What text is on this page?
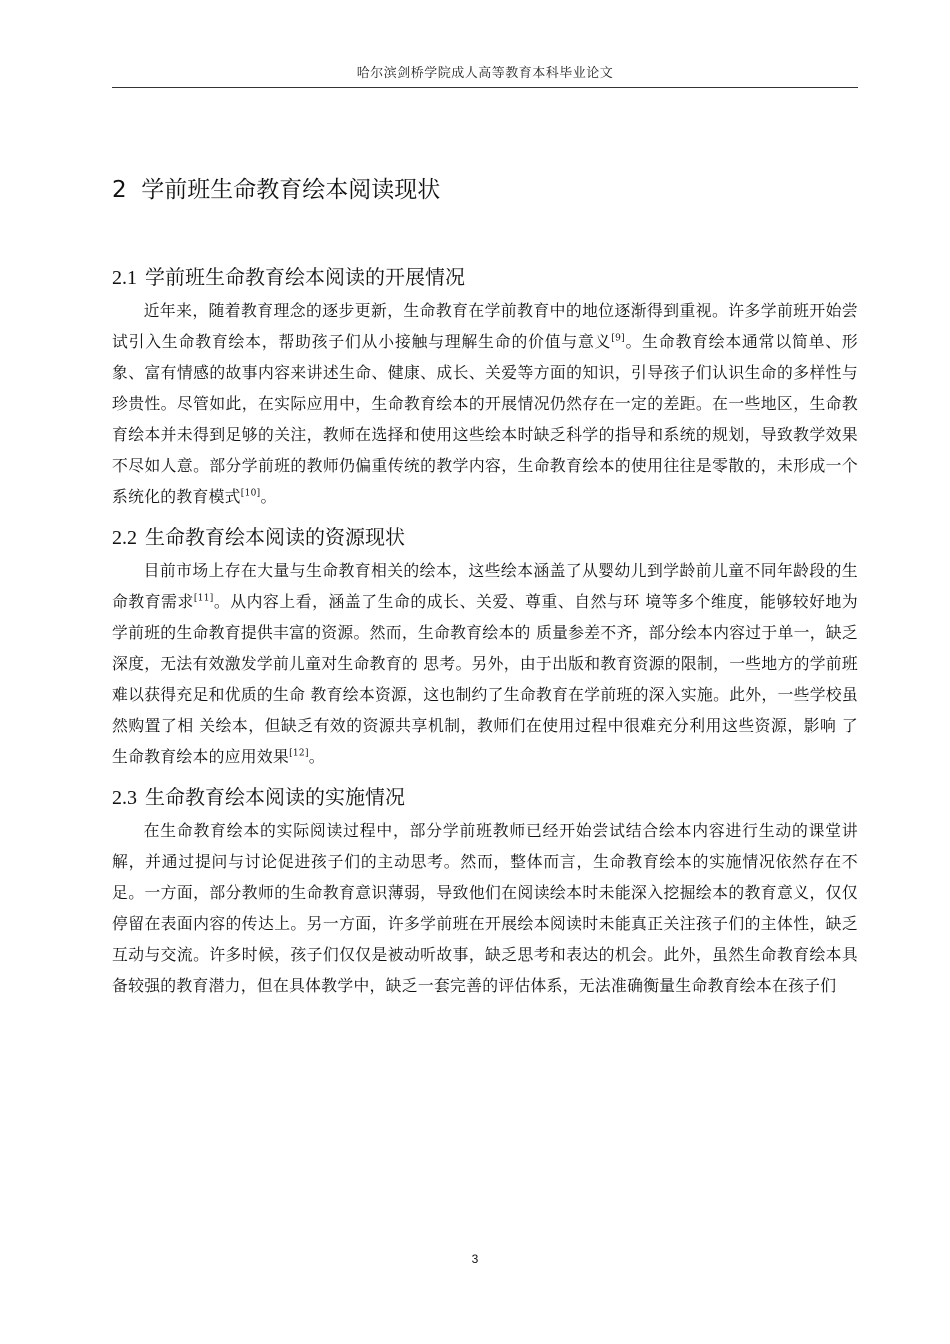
哈尔滨剑桥学院成人高等教育本科毕业论文
2 学前班生命教育绘本阅读现状
2.1 学前班生命教育绘本阅读的开展情况

近年来，随着教育理念的逐步更新，生命教育在学前教育中的地位逐渐得到重视。许多学前班开始尝试引入生命教育绘本，帮助孩子们从小接触与理解生命的价值与意义[9]。生命教育绘本通常以简单、形象、富有情感的故事内容来讲述生命、健康、成长、关爱等方面的知识，引导孩子们认识生命的多样性与珍贵性。尽管如此，在实际应用中，生命教育绘本的开展情况仍然存在一定的差距。在一些地区，生命教育绘本并未得到足够的关注，教师在选择和使用这些绘本时缺乏科学的指导和系统的规划，导致教学效果不尽如人意。部分学前班的教师仍偏重传统的教学内容，生命教育绘本的使用往往是零散的，未形成一个系统化的教育模式[10]。

2.2 生命教育绘本阅读的资源现状

目前市场上存在大量与生命教育相关的绘本，这些绘本涵盖了从婴幼儿到学龄前儿童不同年龄段的生命教育需求[11]。从内容上看，涵盖了生命的成长、关爱、尊重、自然与环 境等多个维度，能够较好地为学前班的生命教育提供丰富的资源。然而，生命教育绘本的 质量参差不齐，部分绘本内容过于单一，缺乏深度，无法有效激发学前儿童对生命教育的 思考。另外，由于出版和教育资源的限制，一些地方的学前班难以获得充足和优质的生命 教育绘本资源，这也制约了生命教育在学前班的深入实施。此外，一些学校虽然购置了相 关绘本，但缺乏有效的资源共享机制，教师们在使用过程中很难充分利用这些资源，影响 了生命教育绘本的应用效果[12]。

2.3 生命教育绘本阅读的实施情况

在生命教育绘本的实际阅读过程中，部分学前班教师已经开始尝试结合绘本内容进行生动的课堂讲解，并通过提问与讨论促进孩子们的主动思考。然而，整体而言，生命教育绘本的实施情况依然存在不足。一方面，部分教师的生命教育意识薄弱，导致他们在阅读绘本时未能深入挖掘绘本的教育意义，仅仅停留在表面内容的传达上。另一方面，许多学前班在开展绘本阅读时未能真正关注孩子们的主体性，缺乏互动与交流。许多时候，孩子们仅仅是被动听故事，缺乏思考和表达的机会。此外，虽然生命教育绘本具备较强的教育潜力，但在具体教学中，缺乏一套完善的评估体系，无法准确衡量生命教育绘本在孩子们

3
